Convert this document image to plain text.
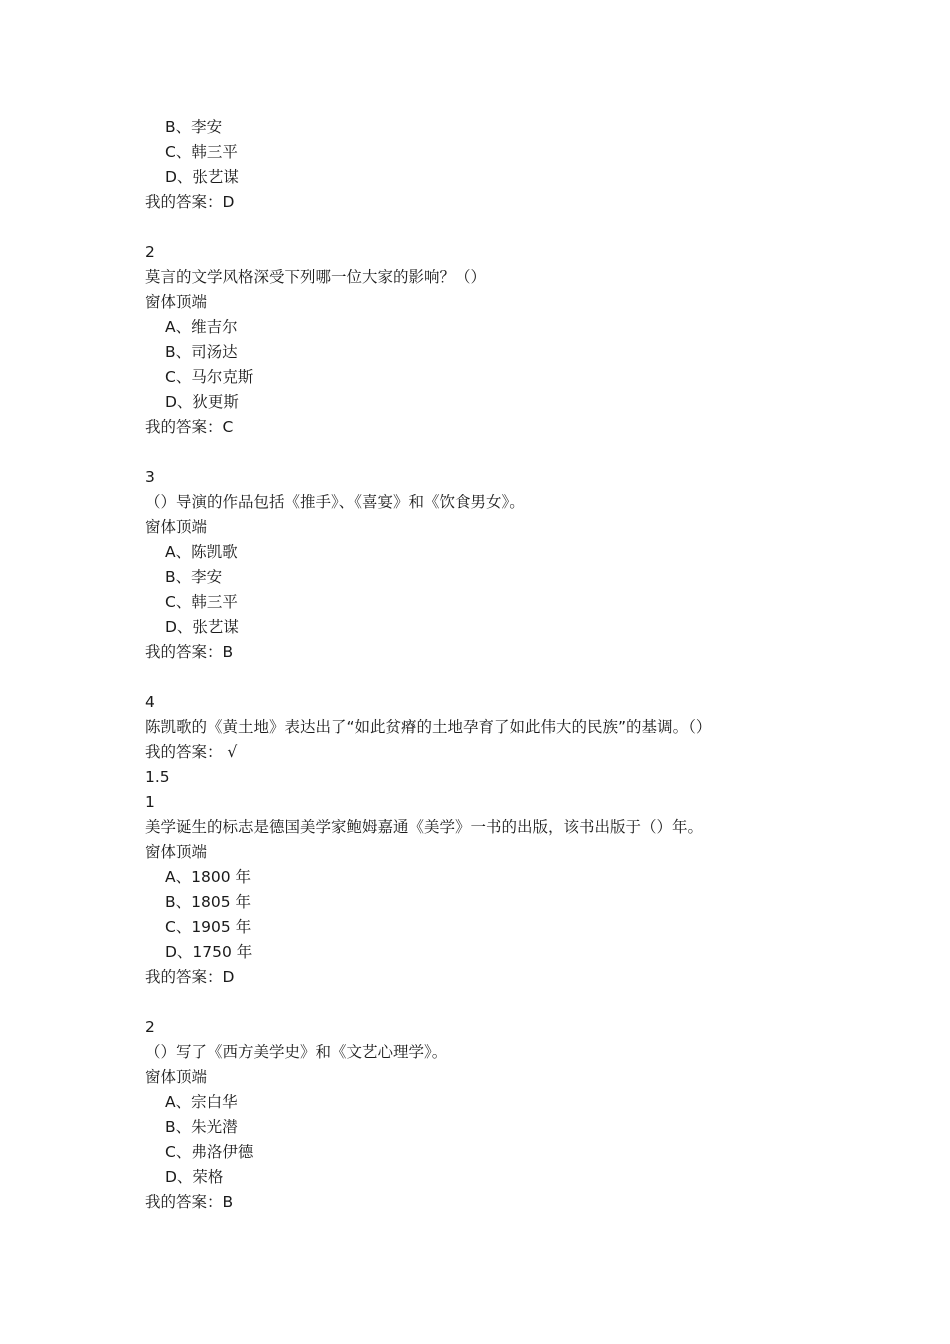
B、李安
C、韩三平
D、张艺谋
我的答案：D
2
莫言的文学风格深受下列哪一位大家的影响？（）
窗体顶端
A、维吉尔
B、司汤达
C、马尔克斯
D、狄更斯
我的答案：C
3
（）导演的作品包括《推手》、《喜宴》和《饮食男女》。
窗体顶端
A、陈凯歌
B、李安
C、韩三平
D、张艺谋
我的答案：B
4
陈凯歌的《黄土地》表达出了“如此贫瘠的土地孕育了如此伟大的民族”的基调。（）
我的答案： √
1.5
1
美学诞生的标志是德国美学家鲍姆嘉通《美学》一书的出版，该书出版于（）年。
窗体顶端
A、1800 年
B、1805 年
C、1905 年
D、1750 年
我的答案：D
2
（）写了《西方美学史》和《文艺心理学》。
窗体顶端
A、宗白华
B、朱光潜
C、弗洛伊德
D、荣格
我的答案：B
